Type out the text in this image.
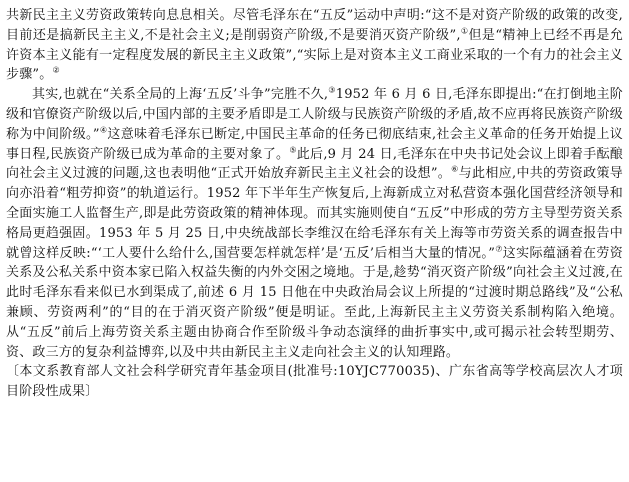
共新民主主义劳资政策转向息息相关。尽管毛泽东在“五反”运动中声明:“这不是对资产阶级的政策的改变,目前还是搞新民主主义,不是社会主义;是削弱资产阶级,不是要消灭资产阶级”,①但是“精神上已经不再是允许资本主义能有一定程度发展的新民主主义政策”,“实际上是对资本主义工商业采取的一个有力的社会主义步骤”。②

其实,也就在“关系全局的上海‘五反’斗争”完胜不久,③1952 年 6 月 6 日,毛泽东即提出:“在打倒地主阶级和官僚资产阶级以后,中国内部的主要矛盾即是工人阶级与民族资产阶级的矛盾,故不应再将民族资产阶级称为中间阶级。”④这意味着毛泽东已断定,中国民主革命的任务已彻底结束,社会主义革命的任务开始提上议事日程,民族资产阶级已成为革命的主要对象了。⑤此后,9 月 24 日,毛泽东在中央书记处会议上即着手酝酿向社会主义过渡的问题,这也表明他“正式开始放弃新民主主义社会的设想”。⑥与此相应,中共的劳资政策导向亦沿着“粗劳抑资”的轨道运行。1952 年下半年生产恢复后,上海新成立对私营资本强化国营经济领导和全面实施工人监督生产,即是此劳资政策的精神体现。而其实施则使自“五反”中形成的劳方主导型劳资关系格局更趋强固。1953 年 5 月 25 日,中央统战部长李维汉在给毛泽东有关上海等市劳资关系的调查报告中就曾这样反映:“‘工人要什么给什么,国营要怎样就怎样’是‘五反’后相当大量的情况。”⑦这实际蕴涵着在劳资关系及公私关系中资本家已陷入权益失衡的内外交困之境地。于是,趁势“消灭资产阶级”向社会主义过渡,在此时毛泽东看来似已水到渠成了,前述 6 月 15 日他在中央政治局会议上所提的“过渡时期总路线”及“公私兼顾、劳资两利”的“目的在于消灭资产阶级”便是明证。至此,上海新民主主义劳资关系制构陷入绝境。从“五反”前后上海劳资关系主题由协商合作至阶级斗争动态演绎的曲折事实中,或可揭示社会转型期劳、资、政三方的复杂利益博弈,以及中共由新民主主义走向社会主义的认知理路。

〔本文系教育部人文社会科学研究青年基金项目(批准号:10YJC770035)、广东省高等学校高层次人才项目阶段性成果〕
